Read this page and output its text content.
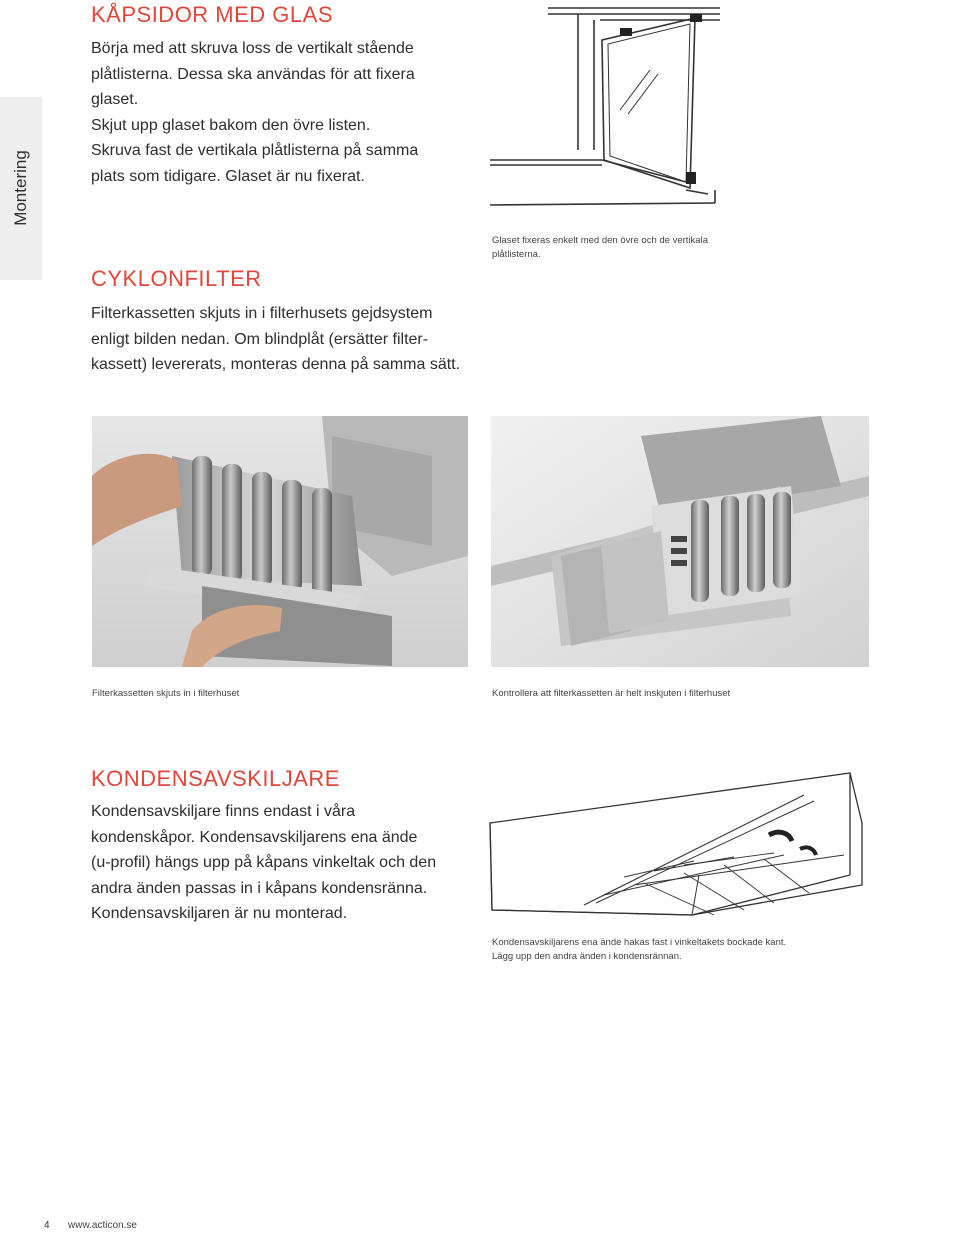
Montering
KÅPSIDOR MED GLAS
Börja med att skruva loss de vertikalt stående
plåtlisterna. Dessa ska användas för att fixera
glaset.
Skjut upp glaset bakom den övre listen.
Skruva fast de vertikala plåtlisterna på samma
plats som tidigare. Glaset är nu fixerat.
Glaset fixeras enkelt med den övre och de vertikala
plåtlisterna.
CYKLONFILTER
Filterkassetten skjuts in i filterhusets gejdsystem
enligt bilden nedan. Om blindplåt (ersätter filter-
kassett) levererats, monteras denna på samma sätt.
Filterkassetten skjuts in i filterhuset	Kontrollera att filterkassetten är helt inskjuten i filterhuset
KONDENSAVSKILJARE
Kondensavskiljare finns endast i våra
kondenskåpor. Kondensavskiljarens ena ände
(u-profil) hängs upp på kåpans vinkeltak och den
andra änden passas in i kåpans kondensränna.
Kondensavskiljaren är nu monterad.
Kondensavskiljarens ena ände hakas fast i vinkeltakets bockade kant.
Lägg upp den andra änden i kondensrännan.
4 www.acticon.se
